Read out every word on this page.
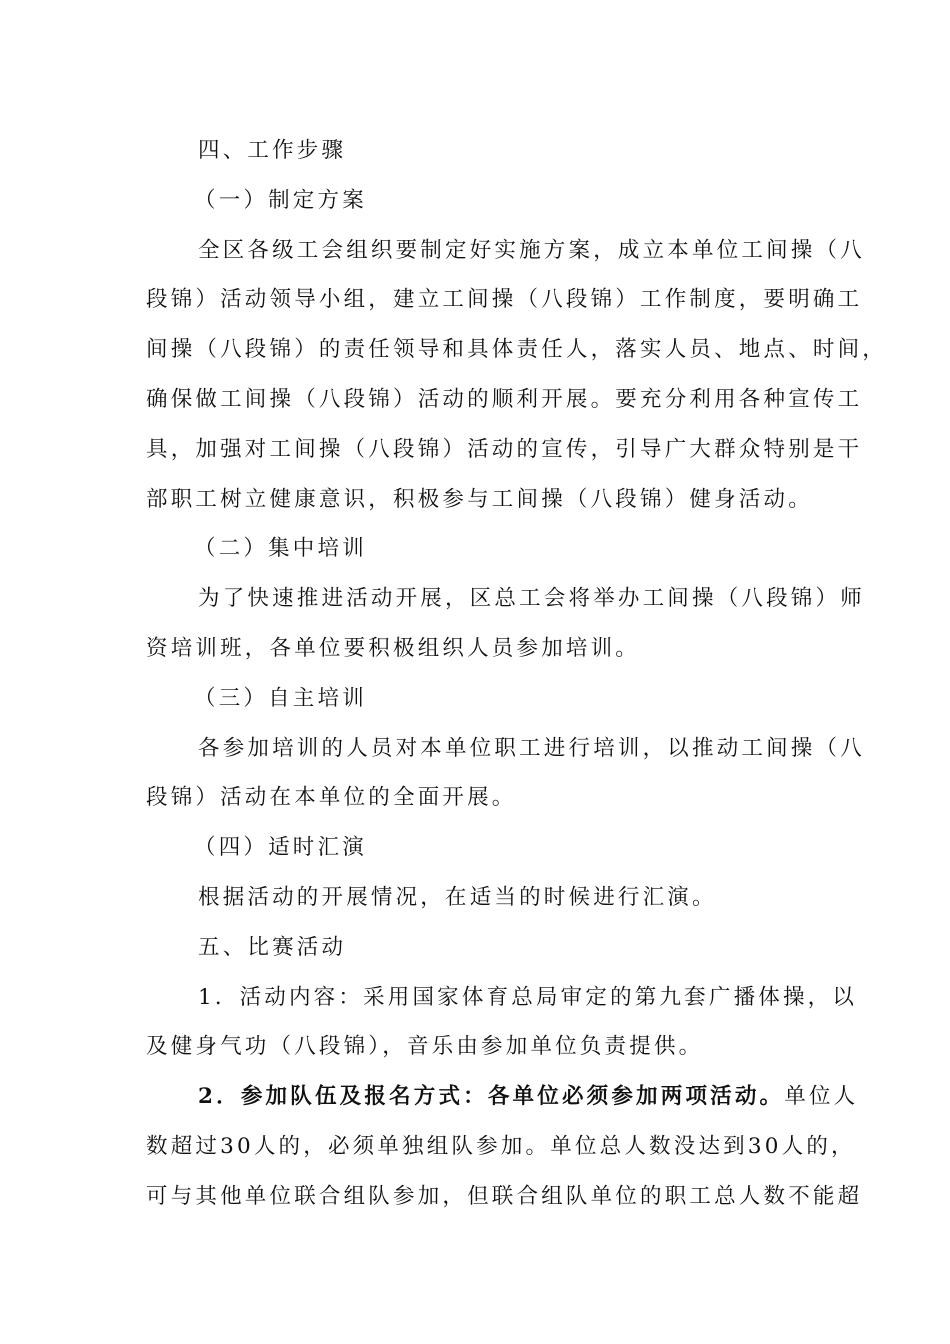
四、工作步骤
（一）制定方案
全区各级工会组织要制定好实施方案，成立本单位工间操（八
段锦）活动领导小组，建立工间操（八段锦）工作制度，要明确工
间操（八段锦）的责任领导和具体责任人，落实人员、地点、时间，
确保做工间操（八段锦）活动的顺利开展。要充分利用各种宣传工
具，加强对工间操（八段锦）活动的宣传，引导广大群众特别是干
部职工树立健康意识，积极参与工间操（八段锦）健身活动。
（二）集中培训
为了快速推进活动开展，区总工会将举办工间操（八段锦）师
资培训班，各单位要积极组织人员参加培训。
（三）自主培训
各参加培训的人员对本单位职工进行培训，以推动工间操（八
段锦）活动在本单位的全面开展。
（四）适时汇演
根据活动的开展情况，在适当的时候进行汇演。
五、比赛活动
1．活动内容：采用国家体育总局审定的第九套广播体操，以
及健身气功（八段锦），音乐由参加单位负责提供。
2．参加队伍及报名方式：各单位必须参加两项活动。单位人
数超过30人的，必须单独组队参加。单位总人数没达到30人的，
可与其他单位联合组队参加，但联合组队单位的职工总人数不能超
